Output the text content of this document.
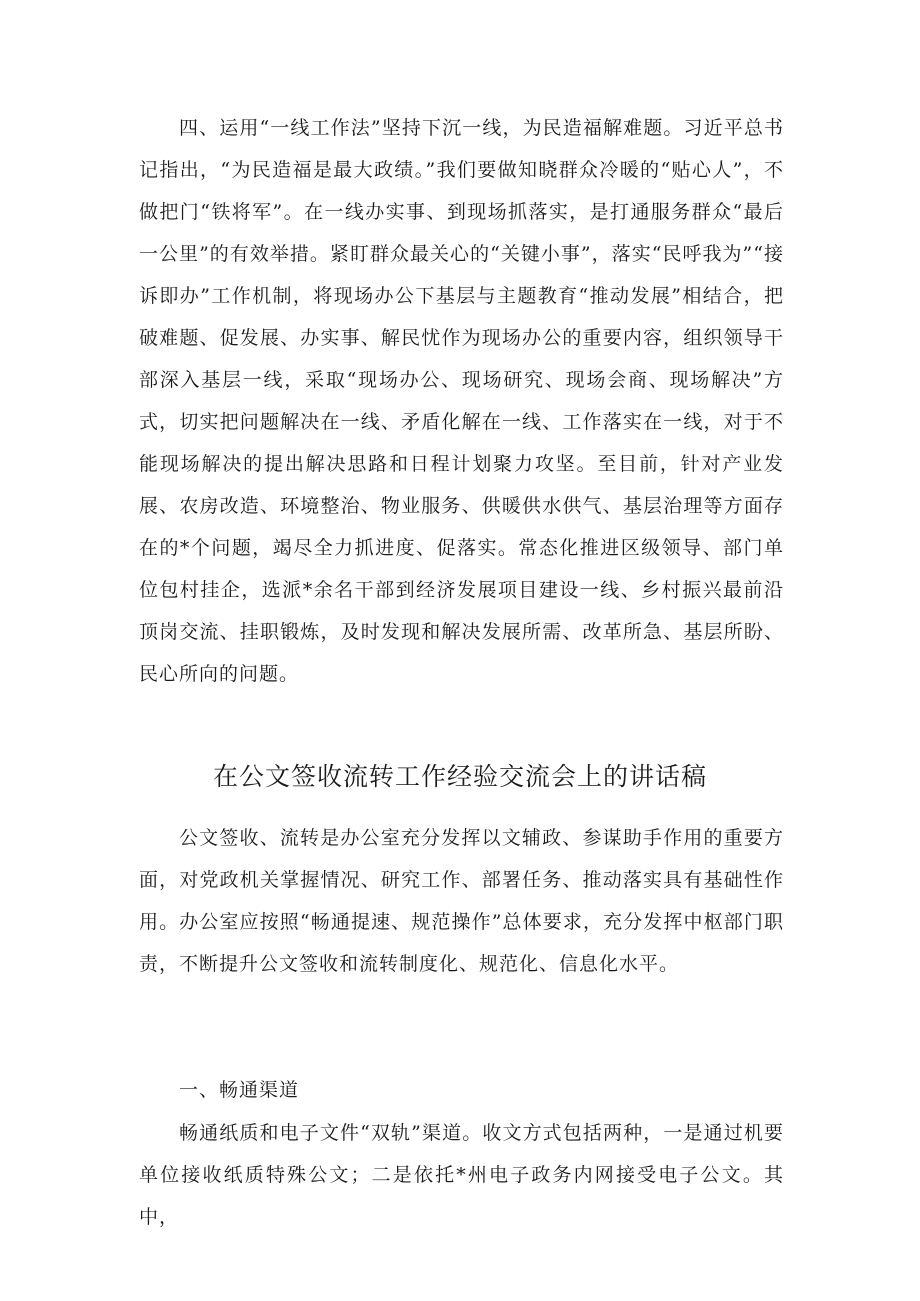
四、运用“一线工作法”坚持下沉一线，为民造福解难题。习近平总书记指出，“为民造福是最大政绩。”我们要做知晓群众冷暖的“贴心人”，不做把门“铁将军”。在一线办实事、到现场抓落实，是打通服务群众“最后一公里”的有效举措。紧盯群众最关心的“关键小事”，落实“民呼我为”“接诉即办”工作机制，将现场办公下基层与主题教育“推动发展”相结合，把破难题、促发展、办实事、解民忧作为现场办公的重要内容，组织领导干部深入基层一线，采取“现场办公、现场研究、现场会商、现场解决”方式，切实把问题解决在一线、矛盾化解在一线、工作落实在一线，对于不能现场解决的提出解决思路和日程计划聚力攻坚。至目前，针对产业发展、农房改造、环境整治、物业服务、供暖供水供气、基层治理等方面存在的*个问题，竭尽全力抓进度、促落实。常态化推进区级领导、部门单位包村挂企，选派*余名干部到经济发展项目建设一线、乡村振兴最前沿顶岗交流、挂职锻炼，及时发现和解决发展所需、改革所急、基层所盼、民心所向的问题。

在公文签收流转工作经验交流会上的讲话稿

公文签收、流转是办公室充分发挥以文辅政、参谋助手作用的重要方面，对党政机关掌握情况、研究工作、部署任务、推动落实具有基础性作用。办公室应按照“畅通提速、规范操作”总体要求，充分发挥中枢部门职责，不断提升公文签收和流转制度化、规范化、信息化水平。

一、畅通渠道

畅通纸质和电子文件“双轨”渠道。收文方式包括两种，一是通过机要单位接收纸质特殊公文；二是依托*州电子政务内网接受电子公文。其中，
